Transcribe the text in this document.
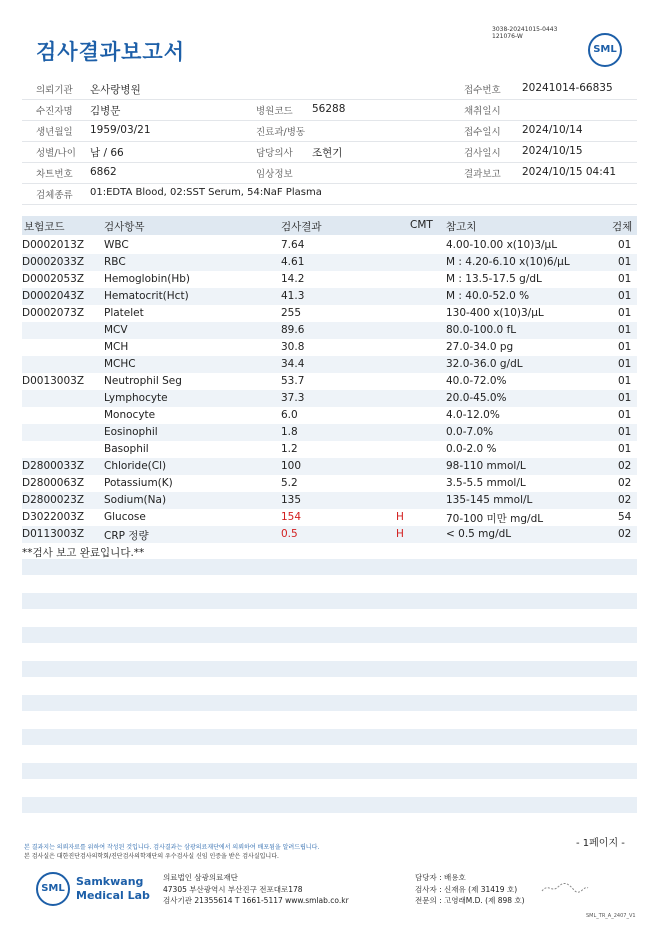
검사결과보고서
3038-20241015-0443
121076-W
SML
의뢰기관 온사랑병원	접수번호 20241014-66835
수진자명 김병문	병원코드 56288	채취일시
생년월일 1959/03/21	진료과/병동	접수일시 2024/10/14
성별/나이 남 / 66	담당의사 조현기	검사일시 2024/10/15
차트번호 6862	임상정보	결과보고 2024/10/15 04:41
검체종류 01:EDTA Blood, 02:SST Serum, 54:NaF Plasma
보험코드	검사항목	검사결과	CMT 참고치	검체
D0002013Z WBC	7.64	4.00-10.00 x(10)3/µL	01
D0002033Z RBC	4.61	M : 4.20-6.10 x(10)6/µL	01
D0002053Z Hemoglobin(Hb)	14.2	M : 13.5-17.5 g/dL	01
D0002043Z Hematocrit(Hct)	41.3	M : 40.0-52.0 %	01
D0002073Z Platelet	255	130-400 x(10)3/µL	01
MCV	89.6	80.0-100.0 fL	01
MCH	30.8	27.0-34.0 pg	01
MCHC	34.4	32.0-36.0 g/dL	01
D0013003Z Neutrophil Seg	53.7	40.0-72.0%	01
Lymphocyte	37.3	20.0-45.0%	01
Monocyte	6.0	4.0-12.0%	01
Eosinophil	1.8	0.0-7.0%	01
Basophil	1.2	0.0-2.0 %	01
D2800033Z Chloride(Cl)	100	98-110 mmol/L	02
D2800063Z Potassium(K)	5.2	3.5-5.5 mmol/L	02
D2800023Z Sodium(Na)	135	135-145 mmol/L	02
D3022003Z Glucose	154	H	70-100 미만 mg/dL	54
D0113003Z CRP 정량	0.5	H	< 0.5 mg/dL	02
**검사 보고 완료입니다.**
- 1페이지 -
본 결과지는 의뢰자료를 위하여 작성된 것입니다. 검사결과는 삼광의료재단에서 의뢰하여 배포됨을 알려드립니다.
본 검사실은 대한진단검사의학회/진단검사의학재단의 우수검사실 신임 인증을 받은 검사실입니다.
SML
Samkwang
Medical Lab
의료법인 삼광의료재단
47305 부산광역시 부산진구 전포대로178
검사기관 21355614 T 1661-5117 www.smlab.co.kr
담당자 : 배용호
검사자 : 신재유 (제 31419 호)
전문의 : 고영래M.D. (제 898 호)
SML_TR_A_2407_V1
